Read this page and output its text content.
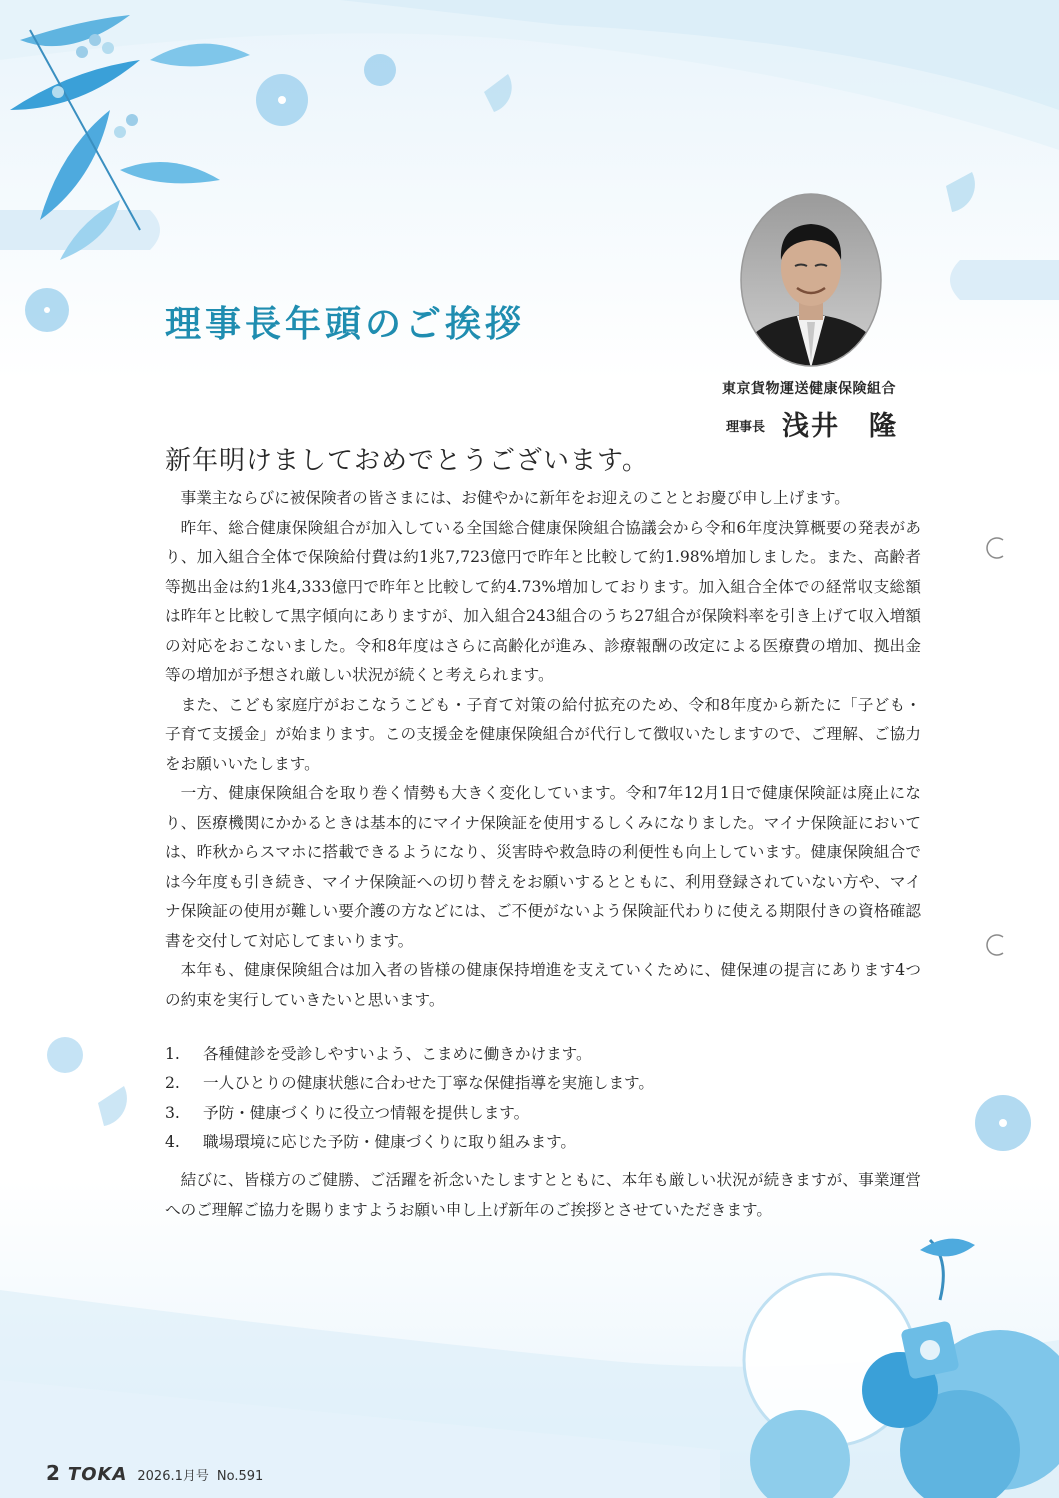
理事長年頭のご挨拶
東京貨物運送健康保険組合
理事長 浅井　隆
新年明けましておめでとうございます。

事業主ならびに被保険者の皆さまには、お健やかに新年をお迎えのこととお慶び申し上げます。

昨年、総合健康保険組合が加入している全国総合健康保険組合協議会から令和6年度決算概要の発表があり、加入組合全体で保険給付費は約1兆7,723億円で昨年と比較して約1.98%増加しました。また、高齢者等拠出金は約1兆4,333億円で昨年と比較して約4.73%増加しております。加入組合全体での経常収支総額は昨年と比較して黒字傾向にありますが、加入組合243組合のうち27組合が保険料率を引き上げて収入増額の対応をおこないました。令和8年度はさらに高齢化が進み、診療報酬の改定による医療費の増加、拠出金等の増加が予想され厳しい状況が続くと考えられます。

また、こども家庭庁がおこなうこども・子育て対策の給付拡充のため、令和8年度から新たに「子ども・子育て支援金」が始まります。この支援金を健康保険組合が代行して徴収いたしますので、ご理解、ご協力をお願いいたします。

一方、健康保険組合を取り巻く情勢も大きく変化しています。令和7年12月1日で健康保険証は廃止になり、医療機関にかかるときは基本的にマイナ保険証を使用するしくみになりました。マイナ保険証においては、昨秋からスマホに搭載できるようになり、災害時や救急時の利便性も向上しています。健康保険組合では今年度も引き続き、マイナ保険証への切り替えをお願いするとともに、利用登録されていない方や、マイナ保険証の使用が難しい要介護の方などには、ご不便がないよう保険証代わりに使える期限付きの資格確認書を交付して対応してまいります。

本年も、健康保険組合は加入者の皆様の健康保持増進を支えていくために、健保連の提言にあります4つの約束を実行していきたいと思います。

1.	各種健診を受診しやすいよう、こまめに働きかけます。
2.	一人ひとりの健康状態に合わせた丁寧な保健指導を実施します。
3.	予防・健康づくりに役立つ情報を提供します。
4.	職場環境に応じた予防・健康づくりに取り組みます。

結びに、皆様方のご健勝、ご活躍を祈念いたしますとともに、本年も厳しい状況が続きますが、事業運営へのご理解ご協力を賜りますようお願い申し上げ新年のご挨拶とさせていただきます。

2 TOKA 2026.1月号 No.591
